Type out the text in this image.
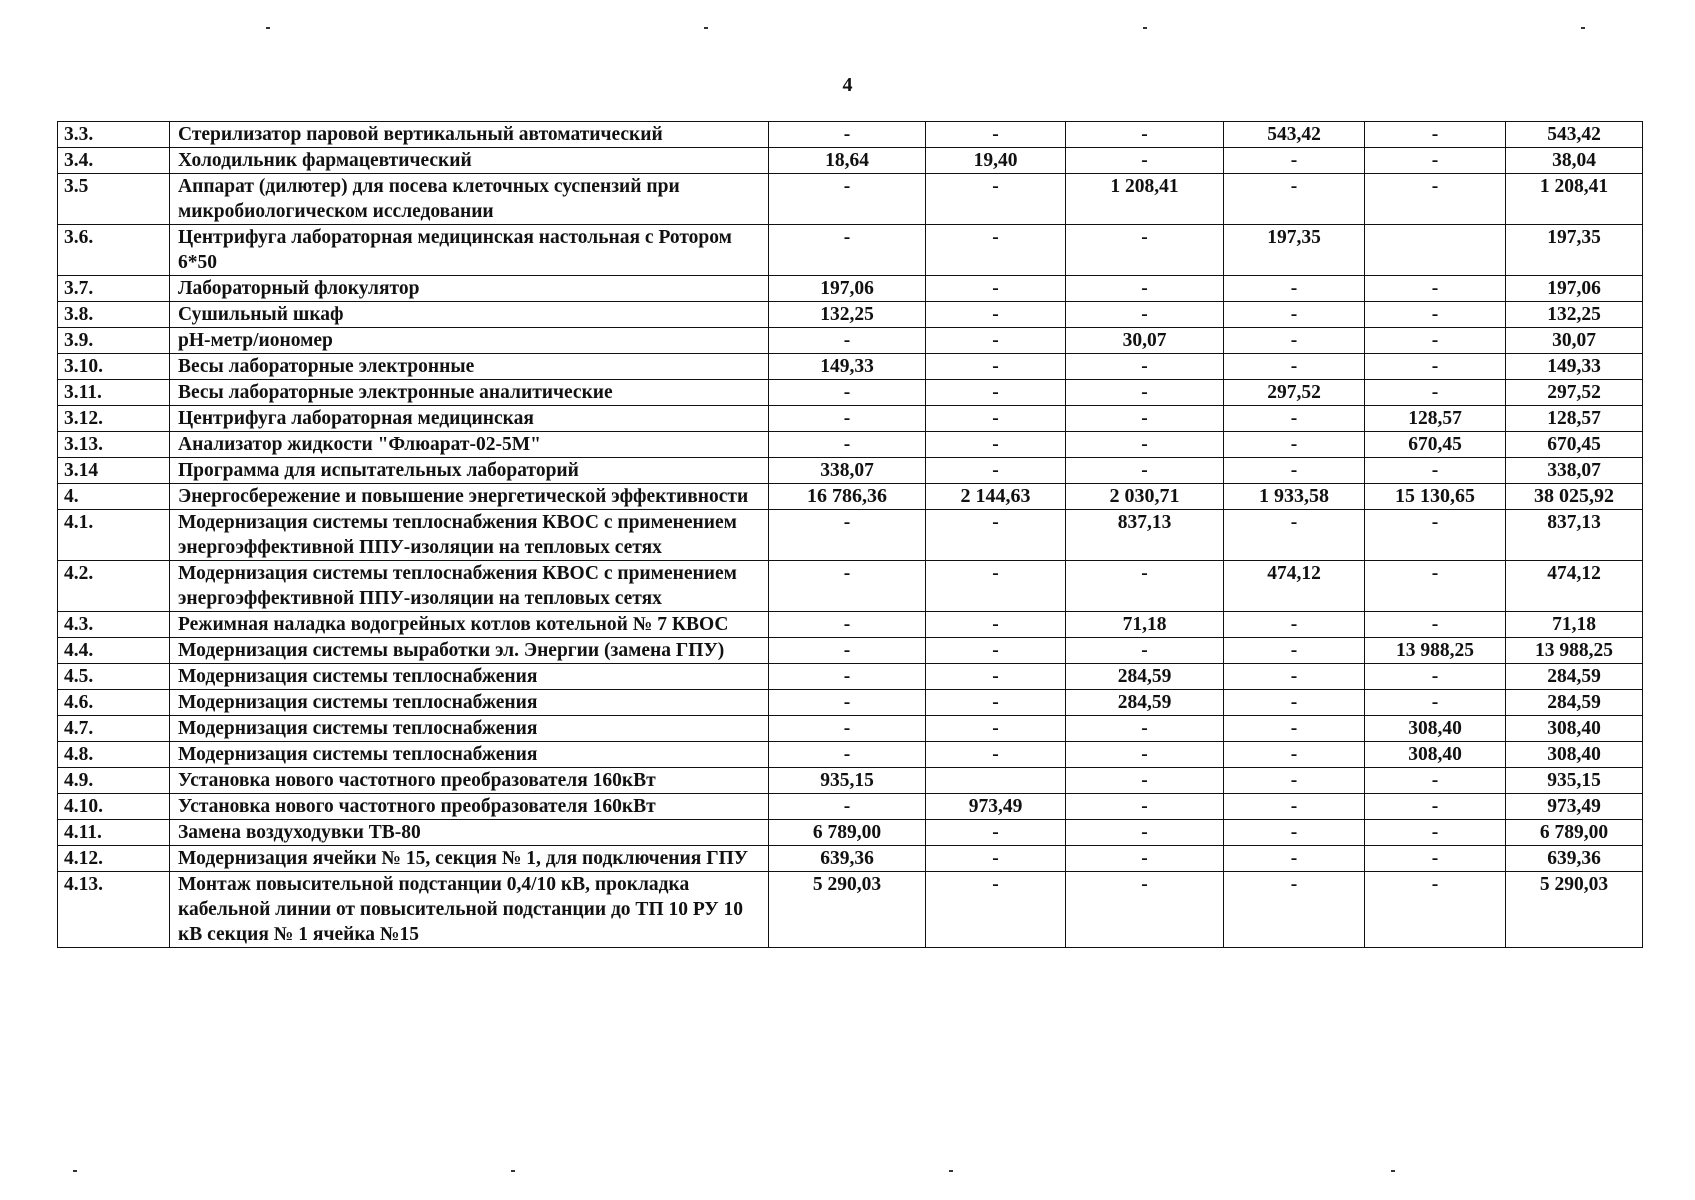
4
3.3.	Стерилизатор паровой вертикальный автоматический	-	-	-	543,42	-	543,42
3.4.	Холодильник фармацевтический	18,64	19,40	-	-	-	38,04
3.5	Аппарат (дилютер) для посева клеточных суспензий при микробиологическом исследовании	-	-	1 208,41	-	-	1 208,41
3.6.	Центрифуга лабораторная медицинская настольная с Ротором 6*50	-	-	-	197,35		197,35
3.7.	Лабораторный флокулятор	197,06	-	-	-	-	197,06
3.8.	Сушильный шкаф	132,25	-	-	-	-	132,25
3.9.	pH-метр/иономер	-	-	30,07	-	-	30,07
3.10.	Весы лабораторные электронные	149,33	-	-	-	-	149,33
3.11.	Весы лабораторные электронные аналитические	-	-	-	297,52	-	297,52
3.12.	Центрифуга лабораторная медицинская	-	-	-	-	128,57	128,57
3.13.	Анализатор жидкости "Флюарат-02-5М"	-	-	-	-	670,45	670,45
3.14	Программа для испытательных лабораторий	338,07	-	-	-	-	338,07
4.	Энергосбережение и повышение энергетической эффективности	16 786,36	2 144,63	2 030,71	1 933,58	15 130,65	38 025,92
4.1.	Модернизация системы теплоснабжения КВОС с применением энергоэффективной ППУ-изоляции на тепловых сетях	-	-	837,13	-	-	837,13
4.2.	Модернизация системы теплоснабжения КВОС с применением энергоэффективной ППУ-изоляции на тепловых сетях	-	-	-	474,12	-	474,12
4.3.	Режимная наладка водогрейных котлов котельной № 7 КВОС	-	-	71,18	-	-	71,18
4.4.	Модернизация системы выработки эл. Энергии (замена ГПУ)	-	-	-	-	13 988,25	13 988,25
4.5.	Модернизация системы теплоснабжения	-	-	284,59	-	-	284,59
4.6.	Модернизация системы теплоснабжения	-	-	284,59	-	-	284,59
4.7.	Модернизация системы теплоснабжения	-	-	-	-	308,40	308,40
4.8.	Модернизация системы теплоснабжения	-	-	-	-	308,40	308,40
4.9.	Установка нового частотного преобразователя 160кВт	935,15		-	-	-	935,15
4.10.	Установка нового частотного преобразователя 160кВт	-	973,49	-	-	-	973,49
4.11.	Замена воздуходувки ТВ-80	6 789,00	-	-	-	-	6 789,00
4.12.	Модернизация ячейки № 15, секция № 1, для подключения ГПУ	639,36	-	-	-	-	639,36
4.13.	Монтаж повысительной подстанции 0,4/10 кВ, прокладка кабельной линии от повысительной подстанции до ТП 10 РУ 10 кВ секция № 1 ячейка №15	5 290,03	-	-	-	-	5 290,03
